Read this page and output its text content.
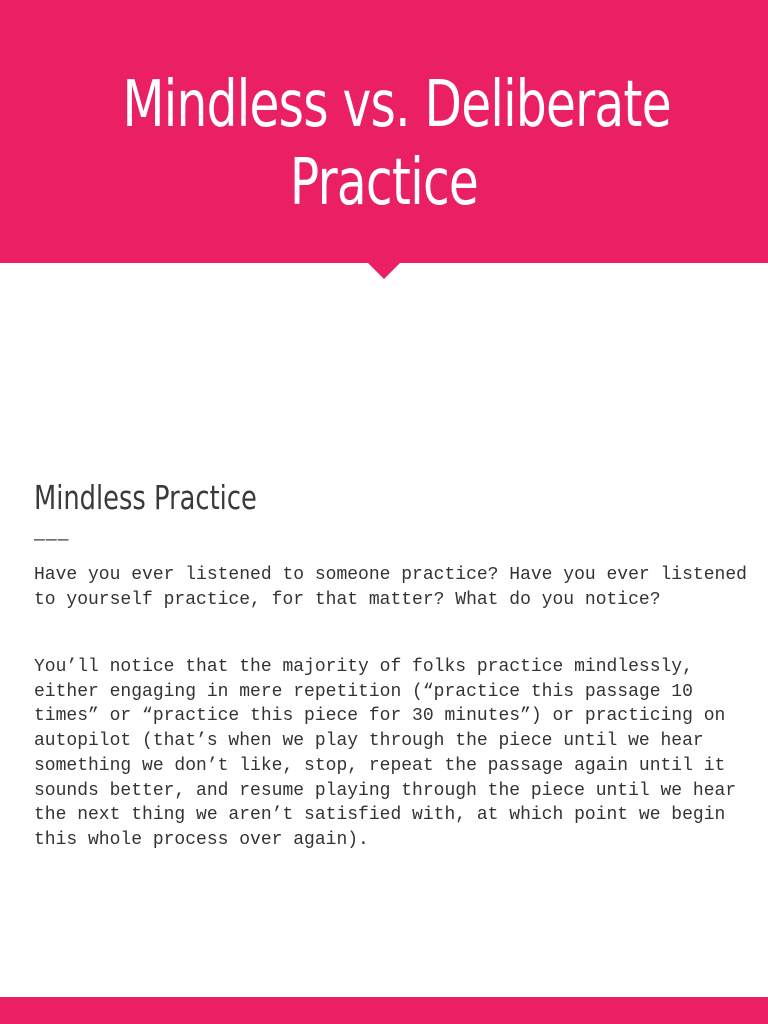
Mindless vs. Deliberate
Practice
Mindless Practice
———

Have you ever listened to someone practice? Have you ever listened to yourself practice, for that matter? What do you notice?

You’ll notice that the majority of folks practice mindlessly, either engaging in mere repetition (“practice this passage 10 times” or “practice this piece for 30 minutes”) or practicing on autopilot (that’s when we play through the piece until we hear something we don’t like, stop, repeat the passage again until it sounds better, and resume playing through the piece until we hear the next thing we aren’t satisfied with, at which point we begin this whole process over again).
